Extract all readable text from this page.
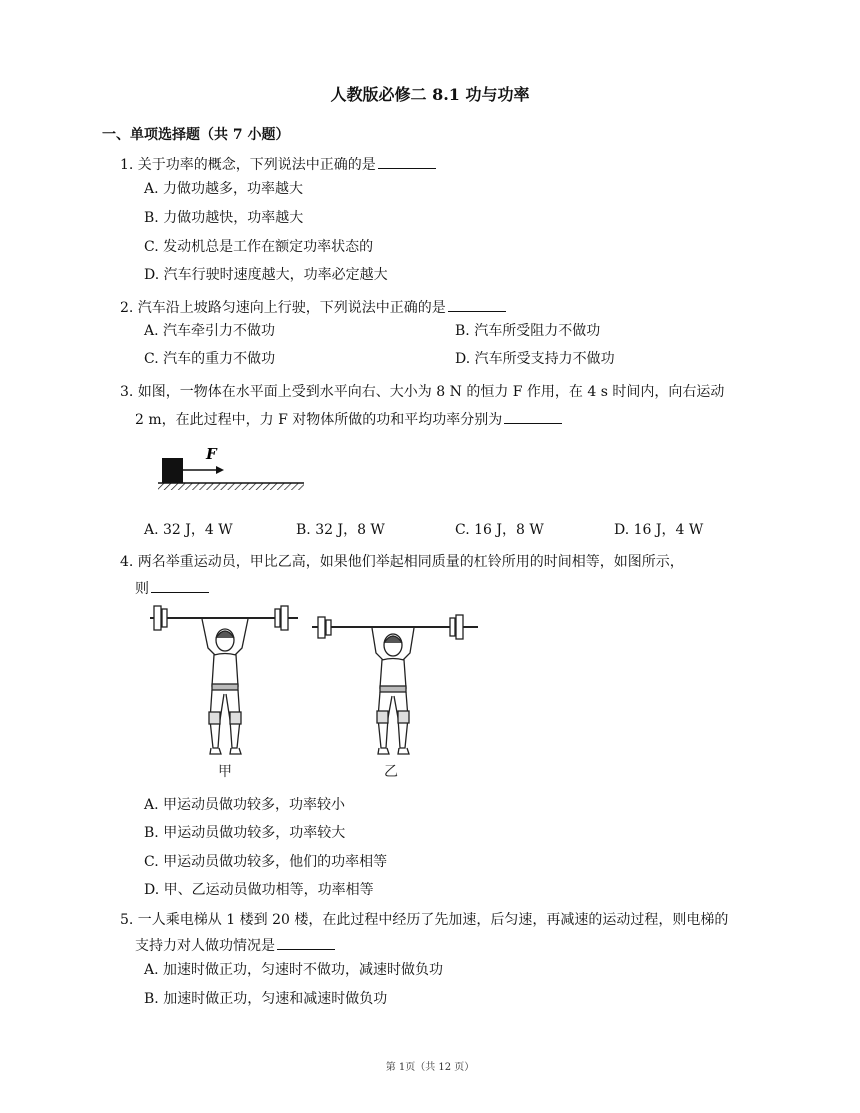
人教版必修二 8.1 功与功率
一、单项选择题（共 7 小题）
1. 关于功率的概念，下列说法中正确的是
A. 力做功越多，功率越大
B. 力做功越快，功率越大
C. 发动机总是工作在额定功率状态的
D. 汽车行驶时速度越大，功率必定越大
2. 汽车沿上坡路匀速向上行驶，下列说法中正确的是
A. 汽车牵引力不做功	B. 汽车所受阻力不做功
C. 汽车的重力不做功	D. 汽车所受支持力不做功
3. 如图，一物体在水平面上受到水平向右、大小为 8 N 的恒力 F 作用，在 4 s 时间内，向右运动
2 m，在此过程中，力 F 对物体所做的功和平均功率分别为
F
A. 32 J，4 W	B. 32 J，8 W	C. 16 J，8 W	D. 16 J，4 W
4. 两名举重运动员，甲比乙高，如果他们举起相同质量的杠铃所用的时间相等，如图所示，
则
甲	乙
A. 甲运动员做功较多，功率较小
B. 甲运动员做功较多，功率较大
C. 甲运动员做功较多，他们的功率相等
D. 甲、乙运动员做功相等，功率相等
5. 一人乘电梯从 1 楼到 20 楼，在此过程中经历了先加速，后匀速，再减速的运动过程，则电梯的
支持力对人做功情况是
A. 加速时做正功，匀速时不做功，减速时做负功
B. 加速时做正功，匀速和减速时做负功
第 1页（共 12 页）
